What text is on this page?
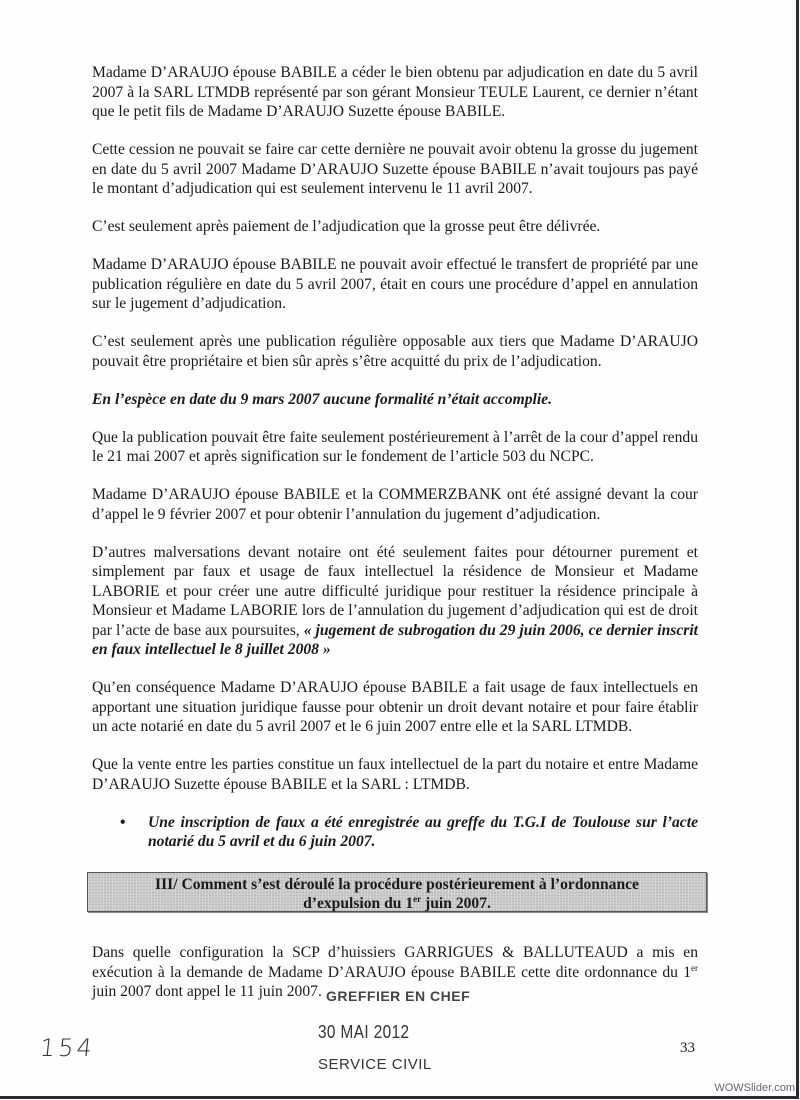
Madame D’ARAUJO épouse BABILE a céder le bien obtenu par adjudication en date du 5 avril 2007 à la SARL LTMDB représenté par son gérant Monsieur TEULE Laurent, ce dernier n’étant que le petit fils de Madame D’ARAUJO Suzette épouse BABILE.

Cette cession ne pouvait se faire car cette dernière ne pouvait avoir obtenu la grosse du jugement en date du 5 avril 2007 Madame D’ARAUJO Suzette épouse BABILE n’avait toujours pas payé le montant d’adjudication qui est seulement intervenu le 11 avril 2007.

C’est seulement après paiement de l’adjudication que la grosse peut être délivrée.

Madame D’ARAUJO épouse BABILE ne pouvait avoir effectué le transfert de propriété par une publication régulière en date du 5 avril 2007, était en cours une procédure d’appel en annulation sur le jugement d’adjudication.

C’est seulement après une publication régulière opposable aux tiers que Madame D’ARAUJO pouvait être propriétaire et bien sûr après s’être acquitté du prix de l’adjudication.

En l’espèce en date du 9 mars 2007 aucune formalité n’était accomplie.

Que la publication pouvait être faite seulement postérieurement à l’arrêt de la cour d’appel rendu le 21 mai 2007 et après signification sur le fondement de l’article 503 du NCPC.

Madame D’ARAUJO épouse BABILE et la COMMERZBANK ont été assigné devant la cour d’appel le 9 février 2007 et pour obtenir l’annulation du jugement d’adjudication.

D’autres malversations devant notaire ont été seulement faites pour détourner purement et simplement par faux et usage de faux intellectuel la résidence de Monsieur et Madame LABORIE et pour créer une autre difficulté juridique pour restituer la résidence principale à Monsieur et Madame LABORIE lors de l’annulation du jugement d’adjudication qui est de droit par l’acte de base aux poursuites, « jugement de subrogation du 29 juin 2006, ce dernier inscrit en faux intellectuel le 8 juillet 2008 »

Qu’en conséquence Madame D’ARAUJO épouse BABILE a fait usage de faux intellectuels en apportant une situation juridique fausse pour obtenir un droit devant notaire et pour faire établir un acte notarié en date du 5 avril 2007 et le 6 juin 2007 entre elle et la SARL LTMDB.

Que la vente entre les parties constitue un faux intellectuel de la part du notaire et entre Madame D’ARAUJO Suzette épouse BABILE et la SARL : LTMDB.

•	Une inscription de faux a été enregistrée au greffe du T.G.I de Toulouse sur l’acte notarié du 5 avril et du 6 juin 2007.
III/ Comment s’est déroulé la procédure postérieurement à l’ordonnance
d’expulsion du 1er juin 2007.
Dans quelle configuration la SCP d’huissiers GARRIGUES & BALLUTEAUD a mis en exécution à la demande de Madame D’ARAUJO épouse BABILE cette dite ordonnance du 1er juin 2007 dont appel le 11 juin 2007. GREFFIER EN CHEF
30 MAI 2012
SERVICE CIVIL
154	33
WOWSlider.com
